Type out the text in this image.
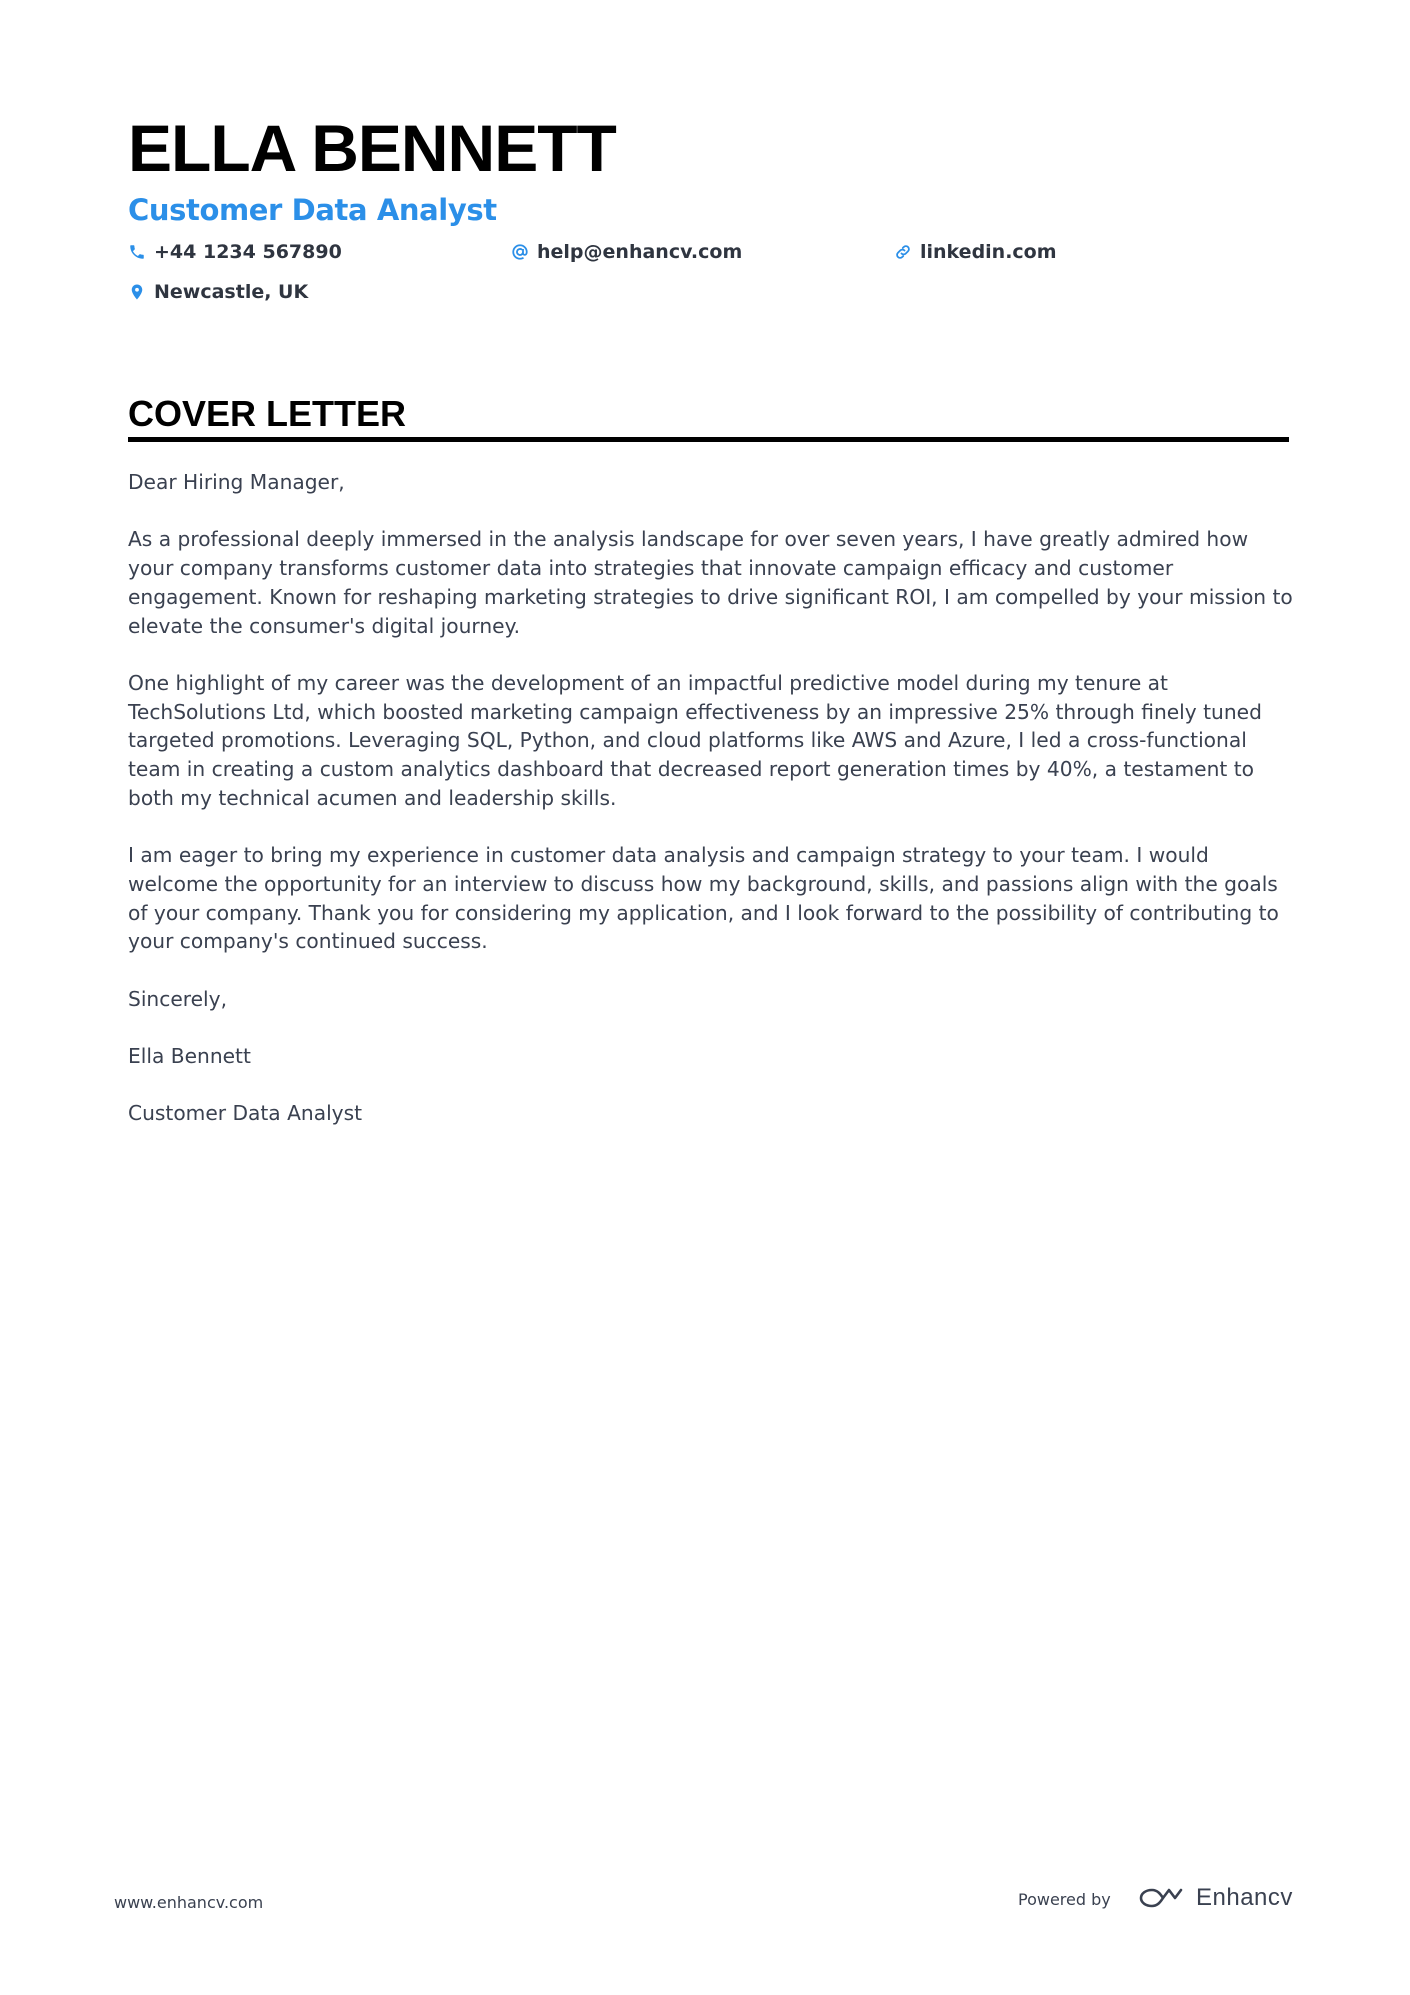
ELLA BENNETT
Customer Data Analyst
+44 1234 567890	help@enhancv.com	linkedin.com
Newcastle, UK
COVER LETTER

Dear Hiring Manager,

As a professional deeply immersed in the analysis landscape for over seven years, I have greatly admired how your company transforms customer data into strategies that innovate campaign efficacy and customer engagement. Known for reshaping marketing strategies to drive significant ROI, I am compelled by your mission to elevate the consumer's digital journey.

One highlight of my career was the development of an impactful predictive model during my tenure at TechSolutions Ltd, which boosted marketing campaign effectiveness by an impressive 25% through finely tuned targeted promotions. Leveraging SQL, Python, and cloud platforms like AWS and Azure, I led a cross-functional team in creating a custom analytics dashboard that decreased report generation times by 40%, a testament to both my technical acumen and leadership skills.

I am eager to bring my experience in customer data analysis and campaign strategy to your team. I would welcome the opportunity for an interview to discuss how my background, skills, and passions align with the goals of your company. Thank you for considering my application, and I look forward to the possibility of contributing to your company's continued success.

Sincerely,

Ella Bennett

Customer Data Analyst

www.enhancv.com	Powered by	Enhancv
